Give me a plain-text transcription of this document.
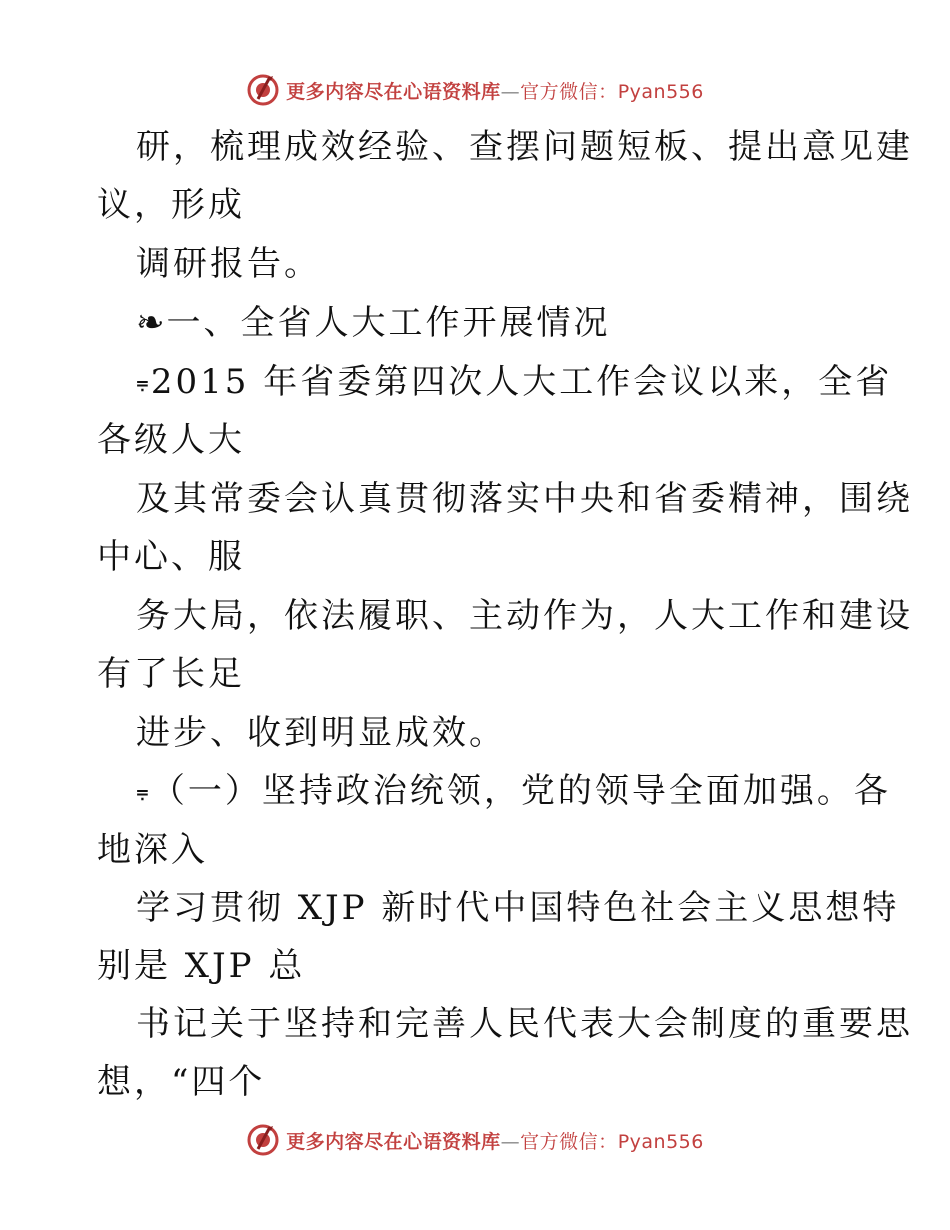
更多内容尽在心语资料库—官方微信：Pyan556
研，梳理成效经验、查摆问题短板、提出意见建
议，形成
调研报告。
❧一、全省人大工作开展情况
⩦2015 年省委第四次人大工作会议以来，全省
各级人大
及其常委会认真贯彻落实中央和省委精神，围绕
中心、服
务大局，依法履职、主动作为，人大工作和建设
有了长足
进步、收到明显成效。
⩦（一）坚持政治统领，党的领导全面加强。各
地深入
学习贯彻 XJP 新时代中国特色社会主义思想特
别是 XJP 总
书记关于坚持和完善人民代表大会制度的重要思
想，“四个
更多内容尽在心语资料库—官方微信：Pyan556
